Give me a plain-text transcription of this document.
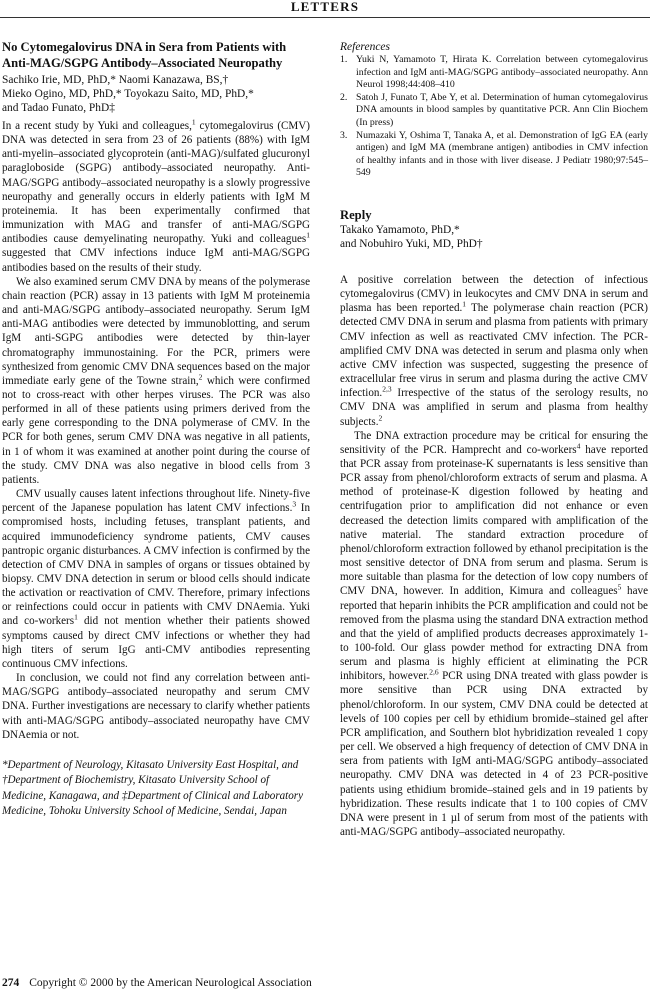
LETTERS
No Cytomegalovirus DNA in Sera from Patients with Anti-MAG/SGPG Antibody–Associated Neuropathy
Sachiko Irie, MD, PhD,* Naomi Kanazawa, BS,†
Mieko Ogino, MD, PhD,* Toyokazu Saito, MD, PhD,*
and Tadao Funato, PhD‡

In a recent study by Yuki and colleagues,$^1$ cytomegalovirus (CMV) DNA was detected in sera from 23 of 26 patients (88%) with IgM anti-myelin–associated glycoprotein (anti-MAG)/sulfated glucuronyl paragloboside (SGPG) antibody–associated neuropathy. Anti-MAG/SGPG antibody–associated neuropathy is a slowly progressive neuropathy and generally occurs in elderly patients with IgM M proteinemia. It has been experimentally confirmed that immunization with MAG and transfer of anti-MAG/SGPG antibodies cause demyelinating neuropathy. Yuki and colleagues$^1$ suggested that CMV infections induce IgM anti-MAG/SGPG antibodies based on the results of their study.

We also examined serum CMV DNA by means of the polymerase chain reaction (PCR) assay in 13 patients with IgM M proteinemia and anti-MAG/SGPG antibody–associated neuropathy. Serum IgM anti-MAG antibodies were detected by immunoblotting, and serum IgM anti-SGPG antibodies were detected by thin-layer chromatography immunostaining. For the PCR, primers were synthesized from genomic CMV DNA sequences based on the major immediate early gene of the Towne strain,$^2$ which were confirmed not to cross-react with other herpes viruses. The PCR was also performed in all of these patients using primers derived from the early gene corresponding to the DNA polymerase of CMV. In the PCR for both genes, serum CMV DNA was negative in all patients, in 1 of whom it was examined at another point during the course of the study. CMV DNA was also negative in blood cells from 3 patients.

CMV usually causes latent infections throughout life. Ninety-five percent of the Japanese population has latent CMV infections.$^3$ In compromised hosts, including fetuses, transplant patients, and acquired immunodeficiency syndrome patients, CMV causes pantropic organic disturbances. A CMV infection is confirmed by the detection of CMV DNA in samples of organs or tissues obtained by biopsy. CMV DNA detection in serum or blood cells should indicate the activation or reactivation of CMV. Therefore, primary infections or reinfections could occur in patients with CMV DNAemia. Yuki and co-workers$^1$ did not mention whether their patients showed symptoms caused by direct CMV infections or whether they had high titers of serum IgG anti-CMV antibodies representing continuous CMV infections.

In conclusion, we could not find any correlation between anti-MAG/SGPG antibody–associated neuropathy and serum CMV DNA. Further investigations are necessary to clarify whether patients with anti-MAG/SGPG antibody–associated neuropathy have CMV DNAemia or not.

*Department of Neurology, Kitasato University East Hospital, and †Department of Biochemistry, Kitasato University School of Medicine, Kanagawa, and ‡Department of Clinical and Laboratory Medicine, Tohoku University School of Medicine, Sendai, Japan
References
1. Yuki N, Yamamoto T, Hirata K. Correlation between cytomegalovirus infection and IgM anti-MAG/SGPG antibody–associated neuropathy. Ann Neurol 1998;44:408–410
2. Satoh J, Funato T, Abe Y, et al. Determination of human cytomegalovirus DNA amounts in blood samples by quantitative PCR. Ann Clin Biochem (In press)
3. Numazaki Y, Oshima T, Tanaka A, et al. Demonstration of IgG EA (early antigen) and IgM MA (membrane antigen) antibodies in CMV infection of healthy infants and in those with liver disease. J Pediatr 1980;97:545–549
Reply
Takako Yamamoto, PhD,*
and Nobuhiro Yuki, MD, PhD†

A positive correlation between the detection of infectious cytomegalovirus (CMV) in leukocytes and CMV DNA in serum and plasma has been reported.$^1$ The polymerase chain reaction (PCR) detected CMV DNA in serum and plasma from patients with primary CMV infection as well as reactivated CMV infection. The PCR-amplified CMV DNA was detected in serum and plasma only when active CMV infection was suspected, suggesting the presence of extracellular free virus in serum and plasma during the active CMV infection.$^{2,3}$ Irrespective of the status of the serology results, no CMV DNA was amplified in serum and plasma from healthy subjects.$^2$

The DNA extraction procedure may be critical for ensuring the sensitivity of the PCR. Hamprecht and co-workers$^4$ have reported that PCR assay from proteinase-K supernatants is less sensitive than PCR assay from phenol/chloroform extracts of serum and plasma. A method of proteinase-K digestion followed by heating and centrifugation prior to amplification did not enhance or even decreased the detection limits compared with amplification of the native material. The standard extraction procedure of phenol/chloroform extraction followed by ethanol precipitation is the most sensitive detector of DNA from serum and plasma. Serum is more suitable than plasma for the detection of low copy numbers of CMV DNA, however. In addition, Kimura and colleagues$^5$ have reported that heparin inhibits the PCR amplification and could not be removed from the plasma using the standard DNA extraction method and that the yield of amplified products decreases approximately 1- to 100-fold. Our glass powder method for extracting DNA from serum and plasma is highly efficient at eliminating the PCR inhibitors, however.$^{2,6}$ PCR using DNA treated with glass powder is more sensitive than PCR using DNA extracted by phenol/chloroform. In our system, CMV DNA could be detected at levels of 100 copies per cell by ethidium bromide–stained gel after PCR amplification, and Southern blot hybridization revealed 1 copy per cell. We observed a high frequency of detection of CMV DNA in sera from patients with IgM anti-MAG/SGPG antibody–associated neuropathy. CMV DNA was detected in 4 of 23 PCR-positive patients using ethidium bromide–stained gels and in 19 patients by hybridization. These results indicate that 1 to 100 copies of CMV DNA were present in 1 µl of serum from most of the patients with anti-MAG/SGPG antibody–associated neuropathy.

274 Copyright © 2000 by the American Neurological Association
